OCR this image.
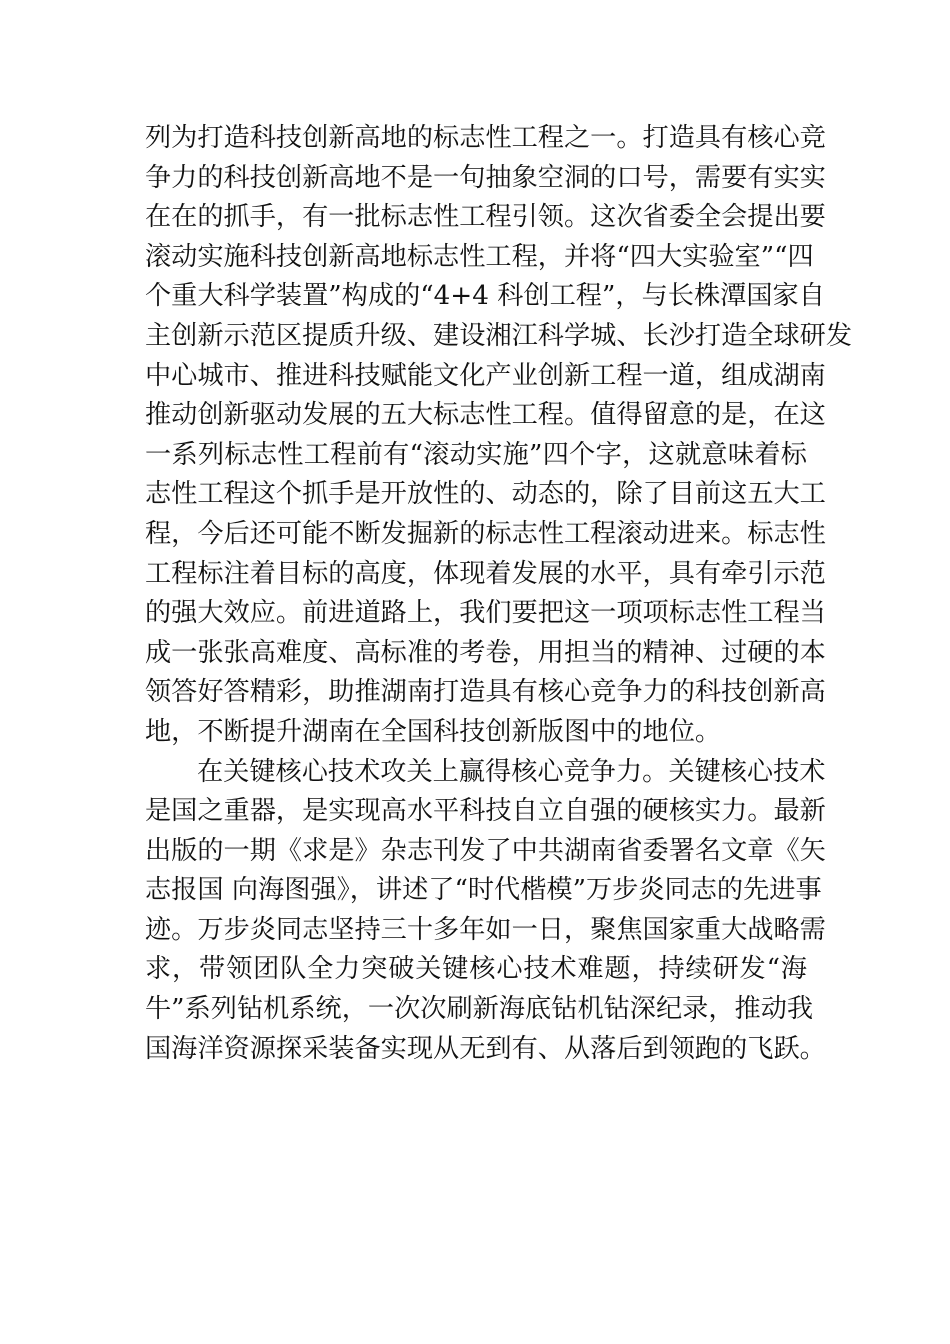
列为打造科技创新高地的标志性工程之一。打造具有核心竞
争力的科技创新高地不是一句抽象空洞的口号，需要有实实
在在的抓手，有一批标志性工程引领。这次省委全会提出要
滚动实施科技创新高地标志性工程，并将“四大实验室”“四
个重大科学装置”构成的“4+4 科创工程”，与长株潭国家自
主创新示范区提质升级、建设湘江科学城、长沙打造全球研发
中心城市、推进科技赋能文化产业创新工程一道，组成湖南
推动创新驱动发展的五大标志性工程。值得留意的是，在这
一系列标志性工程前有“滚动实施”四个字，这就意味着标
志性工程这个抓手是开放性的、动态的，除了目前这五大工
程，今后还可能不断发掘新的标志性工程滚动进来。标志性
工程标注着目标的高度，体现着发展的水平，具有牵引示范
的强大效应。前进道路上，我们要把这一项项标志性工程当
成一张张高难度、高标准的考卷，用担当的精神、过硬的本
领答好答精彩，助推湖南打造具有核心竞争力的科技创新高
地，不断提升湖南在全国科技创新版图中的地位。
在关键核心技术攻关上赢得核心竞争力。关键核心技术
是国之重器，是实现高水平科技自立自强的硬核实力。最新
出版的一期《求是》杂志刊发了中共湖南省委署名文章《矢
志报国 向海图强》，讲述了“时代楷模”万步炎同志的先进事
迹。万步炎同志坚持三十多年如一日，聚焦国家重大战略需
求，带领团队全力突破关键核心技术难题，持续研发“海
牛”系列钻机系统，一次次刷新海底钻机钻深纪录，推动我
国海洋资源探采装备实现从无到有、从落后到领跑的飞跃。
